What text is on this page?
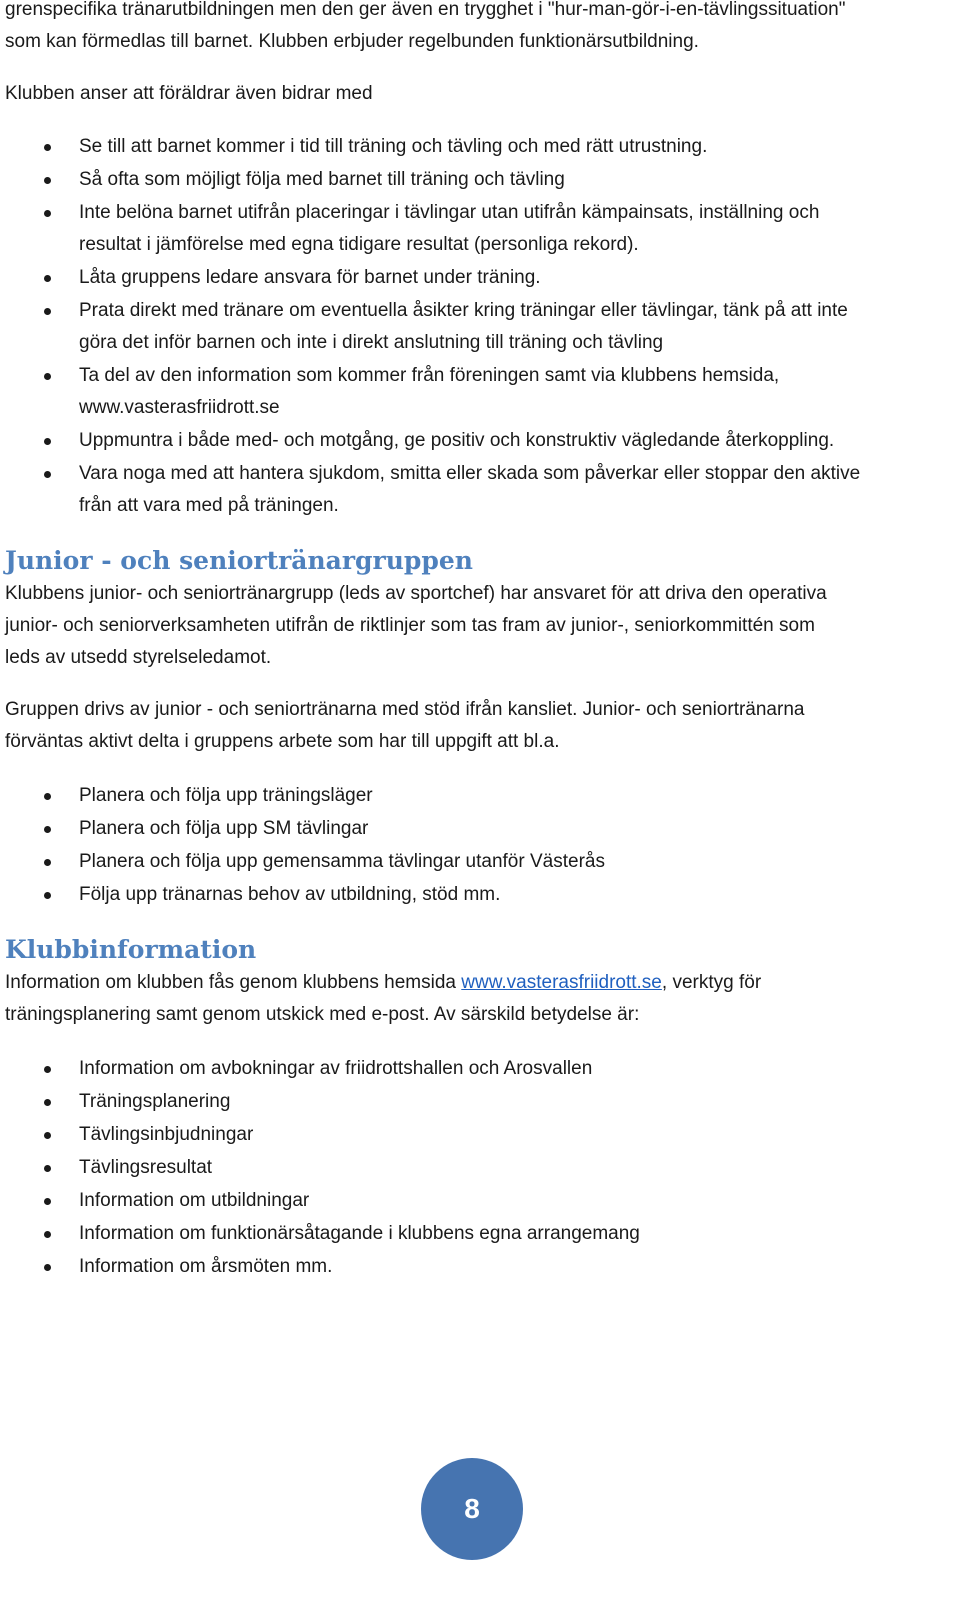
grenspecifika tränarutbildningen men den ger även en trygghet i "hur-man-gör-i-en-tävlingssituation"
som kan förmedlas till barnet. Klubben erbjuder regelbunden funktionärsutbildning.

Klubben anser att föräldrar även bidrar med

Se till att barnet kommer i tid till träning och tävling och med rätt utrustning.
Så ofta som möjligt följa med barnet till träning och tävling
Inte belöna barnet utifrån placeringar i tävlingar utan utifrån kämpainsats, inställning och
resultat i jämförelse med egna tidigare resultat (personliga rekord).
Låta gruppens ledare ansvara för barnet under träning.
Prata direkt med tränare om eventuella åsikter kring träningar eller tävlingar, tänk på att inte
göra det inför barnen och inte i direkt anslutning till träning och tävling
Ta del av den information som kommer från föreningen samt via klubbens hemsida,
www.vasterasfriidrott.se
Uppmuntra i både med- och motgång, ge positiv och konstruktiv vägledande återkoppling.
Vara noga med att hantera sjukdom, smitta eller skada som påverkar eller stoppar den aktive
från att vara med på träningen.
Junior - och seniortränargruppen

Klubbens junior- och seniortränargrupp (leds av sportchef) har ansvaret för att driva den operativa
junior- och seniorverksamheten utifrån de riktlinjer som tas fram av junior-, seniorkommittén som
leds av utsedd styrelseledamot.

Gruppen drivs av junior - och seniortränarna med stöd ifrån kansliet. Junior- och seniortränarna
förväntas aktivt delta i gruppens arbete som har till uppgift att bl.a.

Planera och följa upp träningsläger
Planera och följa upp SM tävlingar
Planera och följa upp gemensamma tävlingar utanför Västerås
Följa upp tränarnas behov av utbildning, stöd mm.
Klubbinformation

Information om klubben fås genom klubbens hemsida www.vasterasfriidrott.se, verktyg för
träningsplanering samt genom utskick med e-post. Av särskild betydelse är:

Information om avbokningar av friidrottshallen och Arosvallen
Träningsplanering
Tävlingsinbjudningar
Tävlingsresultat
Information om utbildningar
Information om funktionärsåtagande i klubbens egna arrangemang
Information om årsmöten mm.
8
